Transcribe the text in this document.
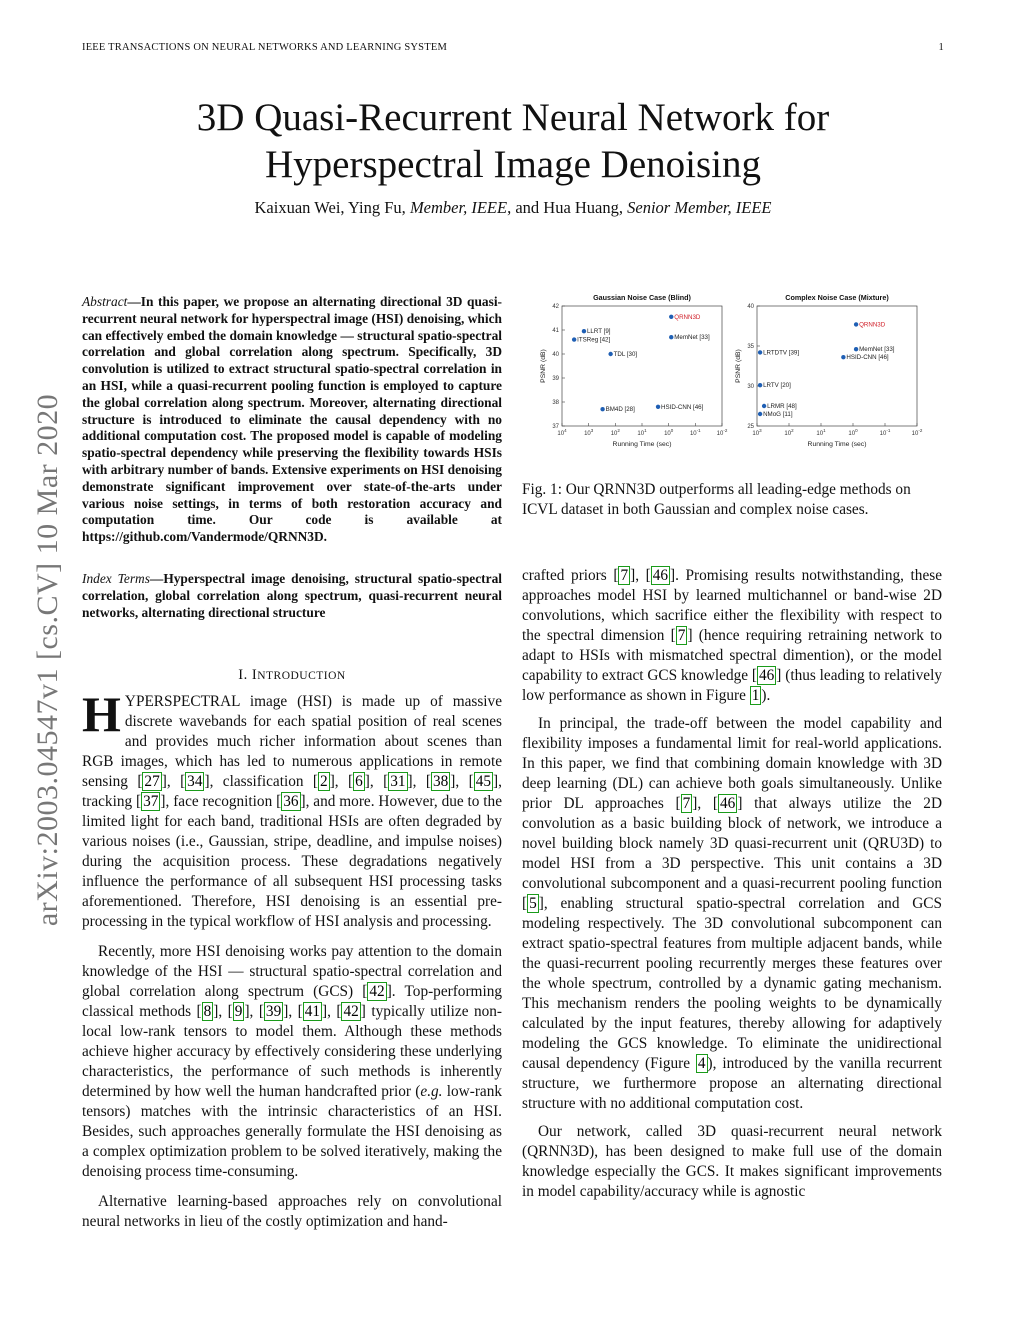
IEEE TRANSACTIONS ON NEURAL NETWORKS AND LEARNING SYSTEM	1
3D Quasi-Recurrent Neural Network for
Hyperspectral Image Denoising
Kaixuan Wei, Ying Fu, Member, IEEE, and Hua Huang, Senior Member, IEEE
arXiv:2003.04547v1 [cs.CV] 10 Mar 2020
Abstract—In this paper, we propose an alternating directional 3D quasi-recurrent neural network for hyperspectral image (HSI) denoising, which can effectively embed the domain knowledge — structural spatio-spectral correlation and global correlation along spectrum. Specifically, 3D convolution is utilized to extract structural spatio-spectral correlation in an HSI, while a quasi-recurrent pooling function is employed to capture the global correlation along spectrum. Moreover, alternating directional structure is introduced to eliminate the causal dependency with no additional computation cost. The proposed model is capable of modeling spatio-spectral dependency while preserving the flexibility towards HSIs with arbitrary number of bands. Extensive experiments on HSI denoising demonstrate significant improvement over state-of-the-arts under various noise settings, in terms of both restoration accuracy and computation time. Our code is available at https://github.com/Vandermode/QRNN3D.
Index Terms—Hyperspectral image denoising, structural spatio-spectral correlation, global correlation along spectrum, quasi-recurrent neural networks, alternating directional structure
I. INTRODUCTION

HYPERSPECTRAL image (HSI) is made up of massive discrete wavebands for each spatial position of real scenes and provides much richer information about scenes than RGB images, which has led to numerous applications in remote sensing [ 27 ], [ 34 ], classification [ 2 ], [ 6 ], [ 31 ], [ 38 ], [ 45 ], tracking [ 37 ], face recognition [ 36 ], and more. However, due to the limited light for each band, traditional HSIs are often degraded by various noises (i.e., Gaussian, stripe, deadline, and impulse noises) during the acquisition process. These degradations negatively influence the performance of all subsequent HSI processing tasks aforementioned. Therefore, HSI denoising is an essential pre-processing in the typical workflow of HSI analysis and processing.

Recently, more HSI denoising works pay attention to the domain knowledge of the HSI — structural spatio-spectral correlation and global correlation along spectrum (GCS) [ 42 ]. Top-performing classical methods [ 8 ], [ 9 ], [ 39 ], [ 41 ], [ 42 ] typically utilize non-local low-rank tensors to model them. Although these methods achieve higher accuracy by effectively considering these underlying characteristics, the performance of such methods is inherently determined by how well the human handcrafted prior (e.g. low-rank tensors) matches with the intrinsic characteristics of an HSI. Besides, such approaches generally formulate the HSI denoising as a complex optimization problem to be solved iteratively, making the denoising process time-consuming.

Alternative learning-based approaches rely on convolutional neural networks in lieu of the costly optimization and hand-

Gaussian Noise Case (Blind)
Running Time (sec)
PSNR (dB)
37
38
39
40
41
42
$10^4$
$10^3$
$10^2$
$10^1$
$10^0$
$10^{-1}$
$10^{-2}$
QRNN3D
LLRT [9]
ITSReg [42]	MemNet [33]
TDL [30]
BM4D [28]	HSID-CNN [46]
Complex Noise Case (Mixture)
Running Time (sec)
PSNR (dB)
25
30
35
40
$10^3$
$10^2$
$10^1$
$10^0$
$10^{-1}$
$10^{-2}$
QRNN3D
LRTDTV [39]	MemNet [33]
HSID-CNN [46]
LRTV [20]
LRMR [48]
NMoG [11]
Fig. 1: Our QRNN3D outperforms all leading-edge methods on ICVL dataset in both Gaussian and complex noise cases.

crafted priors [ 7 ], [ 46 ]. Promising results notwithstanding, these approaches model HSI by learned multichannel or band-wise 2D convolutions, which sacrifice either the flexibility with respect to the spectral dimension [ 7 ] (hence requiring retraining network to adapt to HSIs with mismatched spectral dimention), or the model capability to extract GCS knowledge [ 46 ] (thus leading to relatively low performance as shown in Figure 1 ).

In principal, the trade-off between the model capability and flexibility imposes a fundamental limit for real-world applications. In this paper, we find that combining domain knowledge with 3D deep learning (DL) can achieve both goals simultaneously. Unlike prior DL approaches [ 7 ], [ 46 ] that always utilize the 2D convolution as a basic building block of network, we introduce a novel building block namely 3D quasi-recurrent unit (QRU3D) to model HSI from a 3D perspective. This unit contains a 3D convolutional subcomponent and a quasi-recurrent pooling function [ 5 ], enabling structural spatio-spectral correlation and GCS modeling respectively. The 3D convolutional subcomponent can extract spatio-spectral features from multiple adjacent bands, while the quasi-recurrent pooling recurrently merges these features over the whole spectrum, controlled by a dynamic gating mechanism. This mechanism renders the pooling weights to be dynamically calculated by the input features, thereby allowing for adaptively modeling the GCS knowledge. To eliminate the unidirectional causal dependency (Figure 4 ), introduced by the vanilla recurrent structure, we furthermore propose an alternating directional structure with no additional computation cost.

Our network, called 3D quasi-recurrent neural network (QRNN3D), has been designed to make full use of the domain knowledge especially the GCS. It makes significant improvements in model capability/accuracy while is agnostic
